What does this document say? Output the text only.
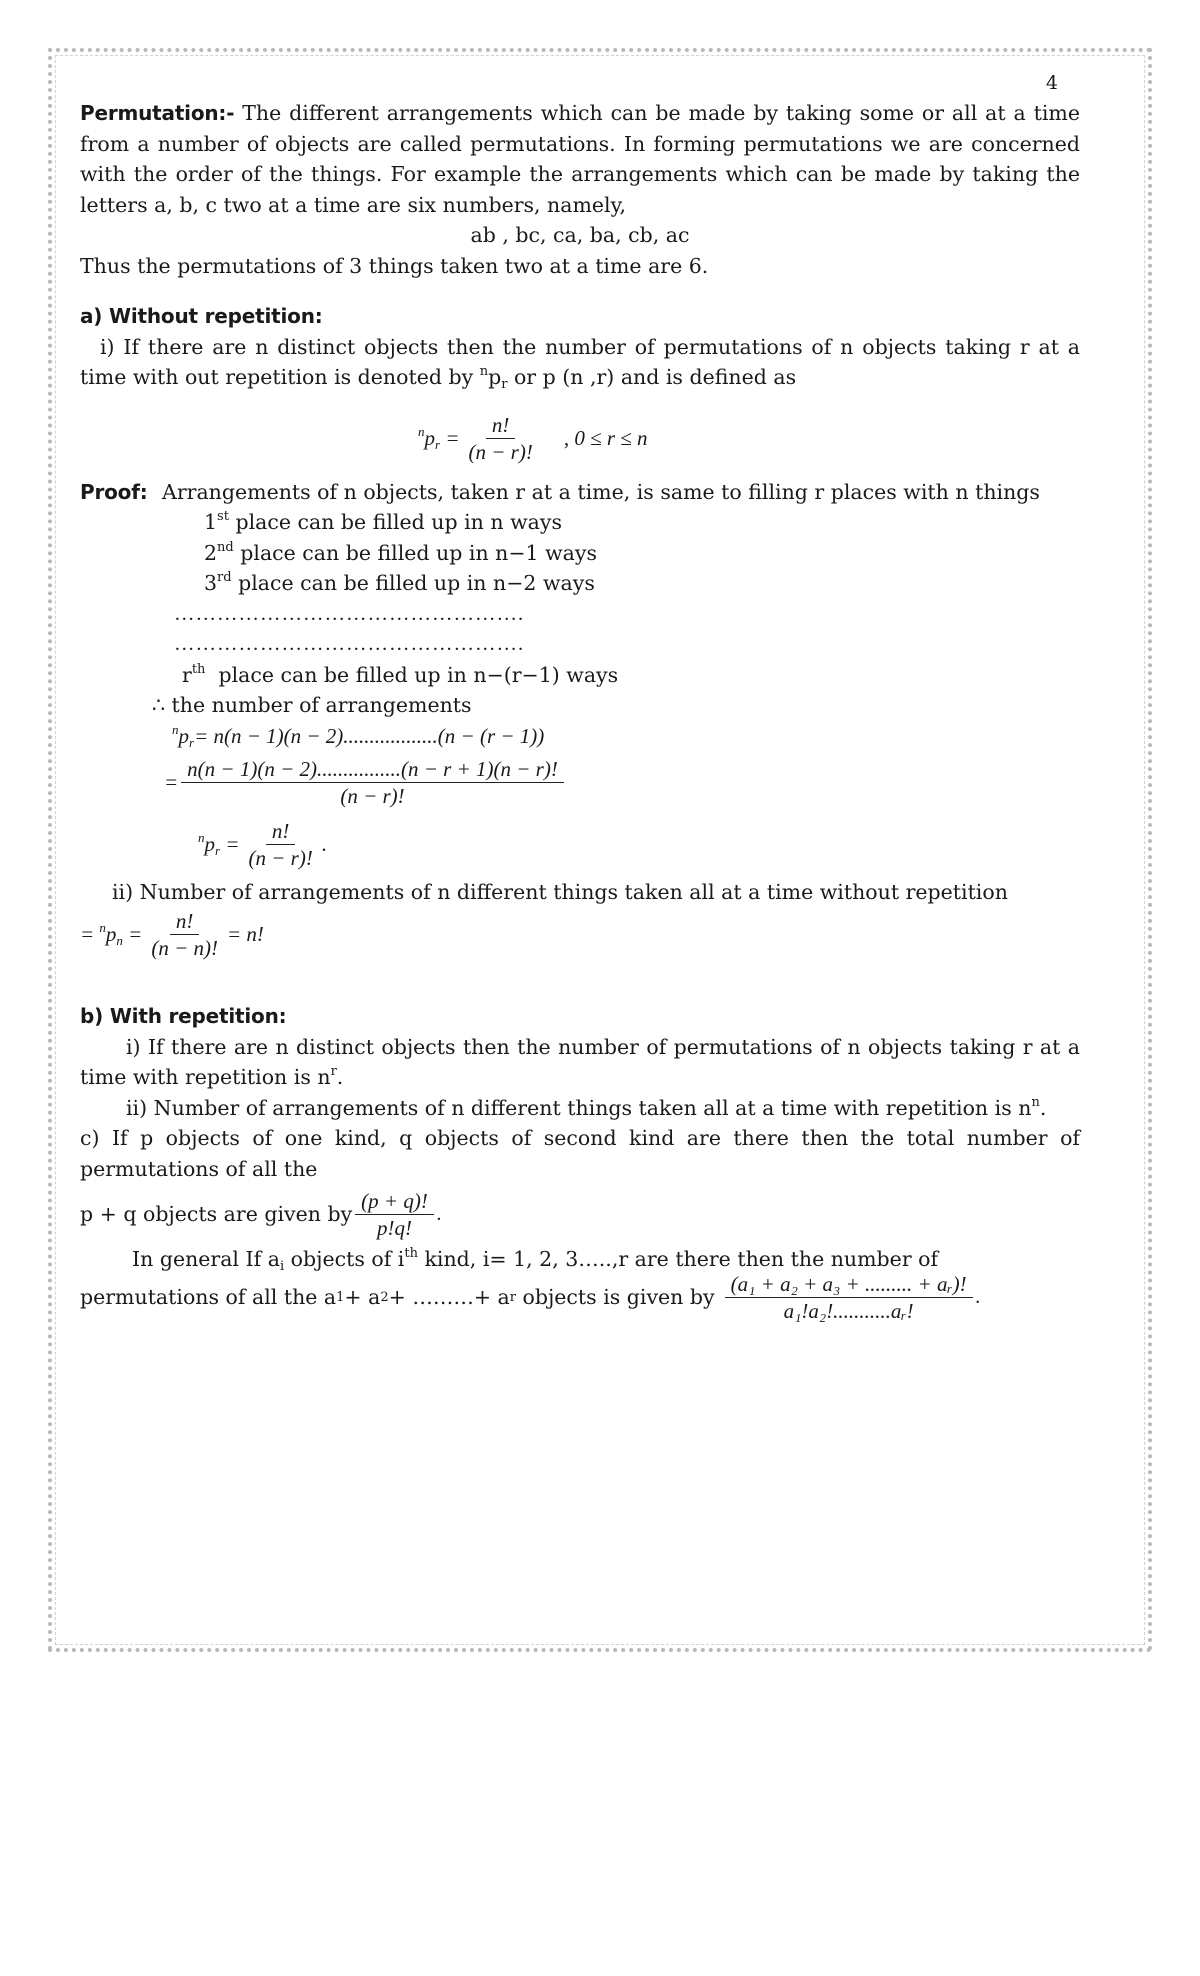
4

Permutation:- The different arrangements which can be made by taking some or all at a time from a number of objects are called permutations. In forming permutations we are concerned with the order of the things. For example the arrangements which can be made by taking the letters a, b, c two at a time are six numbers, namely,

ab , bc, ca, ba, cb, ac

Thus the permutations of 3 things taken two at a time are 6.

a) Without repetition:

i) If there are n distinct objects then the number of permutations of n objects taking r at a time with out repetition is denoted by $^np_r$ or p (n ,r) and is defined as

$^np_r = \frac{n!}{(n - r)!}$ , 0 ≤ r ≤ n

Proof: Arrangements of n objects, taken r at a time, is same to filling r places with n things

1st place can be filled up in n ways
2nd place can be filled up in n−1 ways
3rd place can be filled up in n−2 ways
………………………………………….
………………………………………….
$r^{th}$ place can be filled up in n−(r−1) ways
∴ the number of arrangements
$^np_r= n(n - 1)(n - 2)..................(n - (r - 1))$
= $\frac{n(n - 1)(n - 2)................(n - r + 1)(n - r)!}{(n - r)!}$
$^np_r = \frac{n!}{(n - r)!}$ .

ii) Number of arrangements of n different things taken all at a time without repetition

= $^np_n = \frac{n!}{(n - n)!} = n$!
b) With repetition:

i) If there are n distinct objects then the number of permutations of n objects taking r at a time with repetition is $n^r$.

ii) Number of arrangements of n different things taken all at a time with repetition is $n^n$.

c) If p objects of one kind, q objects of second kind are there then the total number of permutations of all the

p + q objects are given by $\frac{(p + q)!}{p!q!}$ .

In general If $a_i$ objects of $i^{th}$ kind, i= 1, 2, 3…..,r are there then the number of

permutations of all the a 1 + a 2 + ………+ a r
objects is given by $\frac{\text{(a₁ + a₂ + a₃ + ......... + aᵣ)!}}{\text{a₁!a₂!...........aᵣ!}}$ .
